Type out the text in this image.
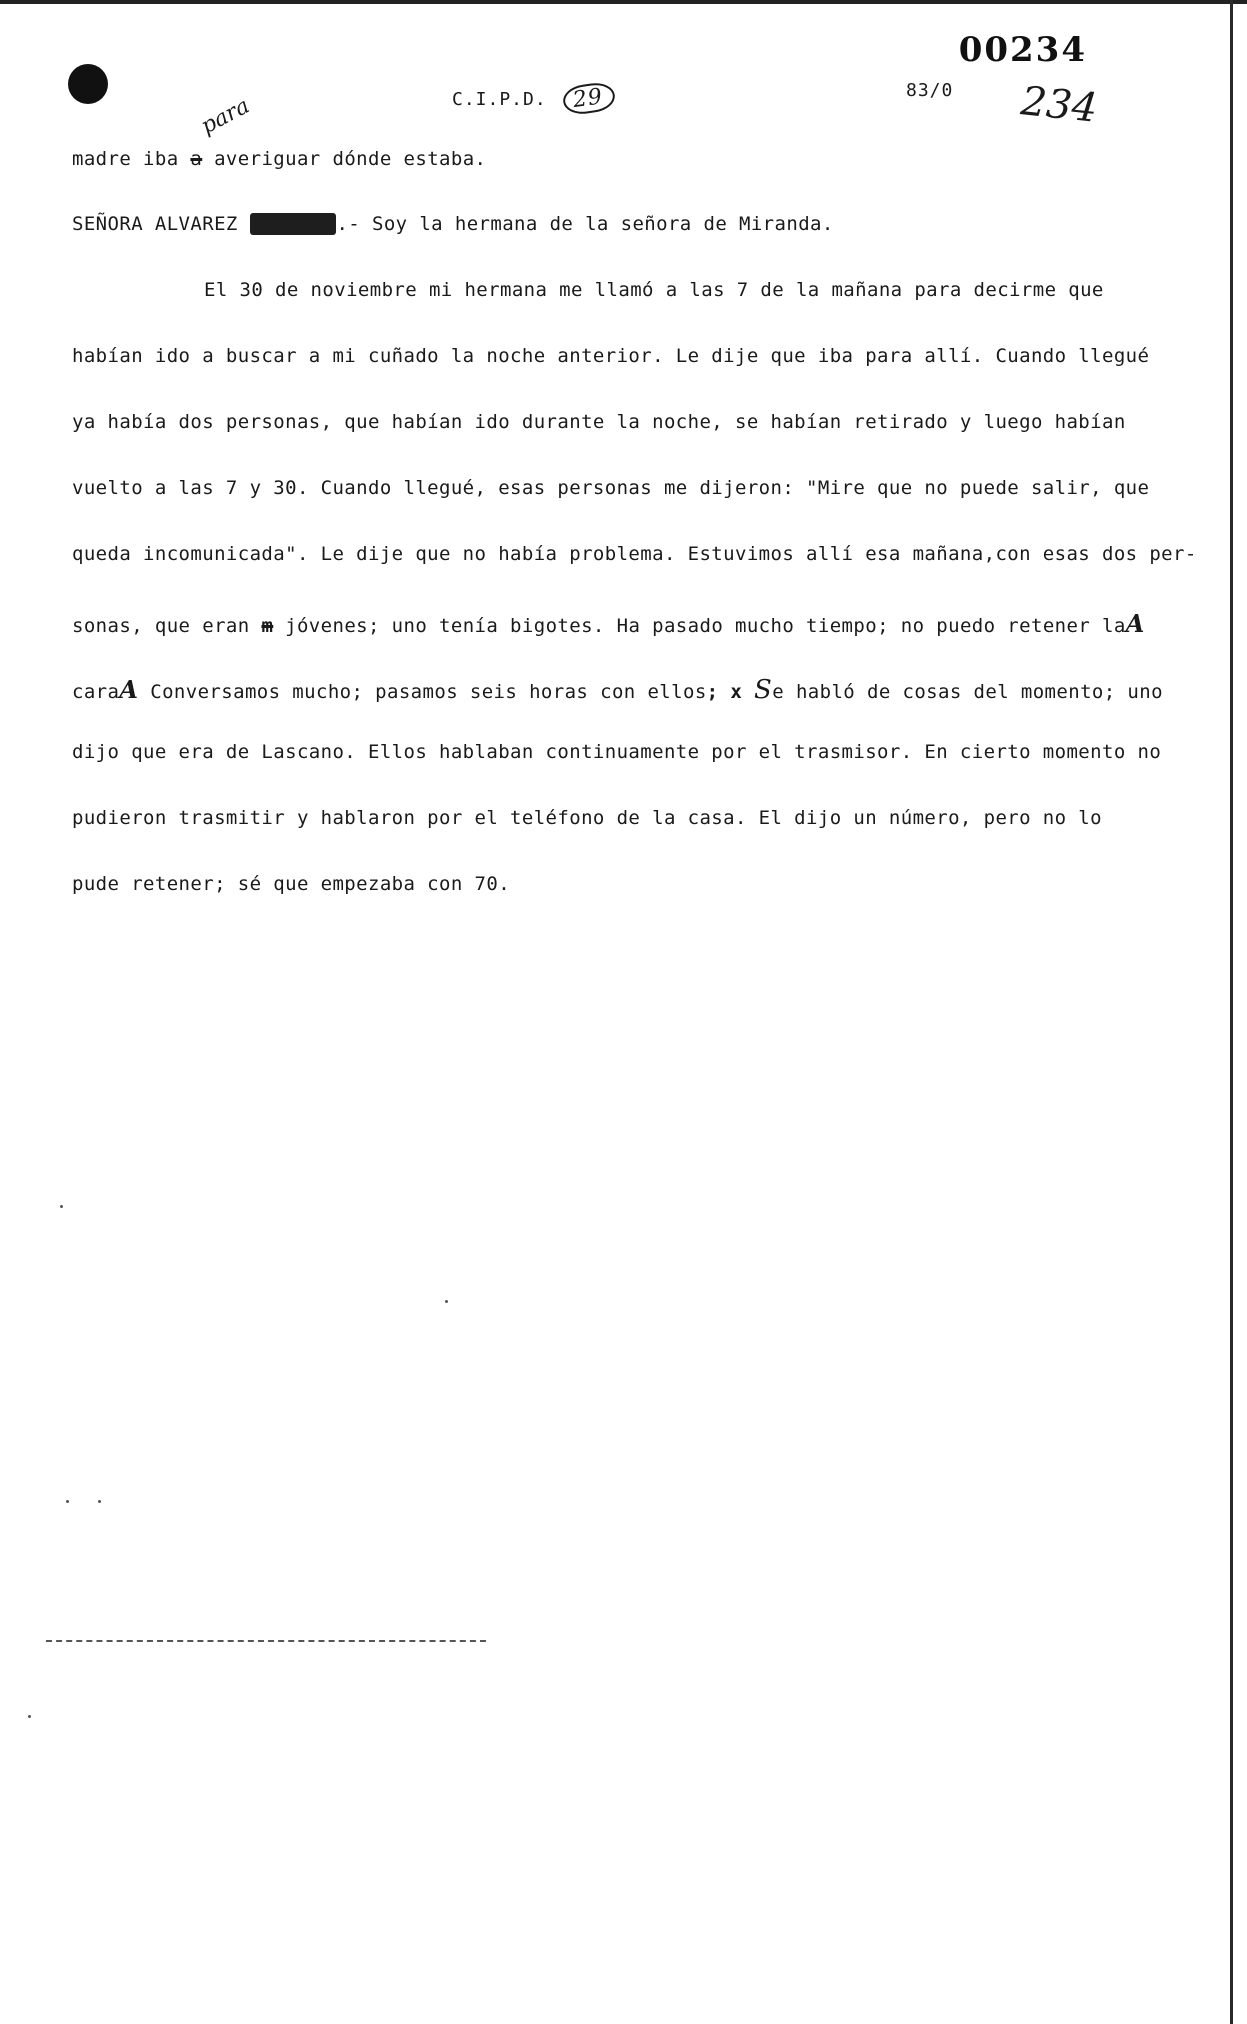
C.I.P.D. 29	83/0
00234
234
para
madre iba a averiguar dónde estaba.
SEÑORA ALVAREZ (Marta) .- Soy la hermana de la señora de Miranda.
El 30 de noviembre mi hermana me llamó a las 7 de la mañana para decirme que
habían ido a buscar a mi cuñado la noche anterior. Le dije que iba para allí. Cuando llegué
ya había dos personas, que habían ido durante la noche, se habían retirado y luego habían
vuelto a las 7 y 30. Cuando llegué, esas personas me dijeron: "Mire que no puede salir, que
queda incomunicada". Le dije que no había problema. Estuvimos allí esa mañana,con esas dos per-
sonas, que eran m jóvenes; uno tenía bigotes. Ha pasado mucho tiempo; no puedo retener laA
caraA Conversamos mucho; pasamos seis horas con ellos; x Se habló de cosas del momento; uno
dijo que era de Lascano. Ellos hablaban continuamente por el trasmisor. En cierto momento no
pudieron trasmitir y hablaron por el teléfono de la casa. El dijo un número, pero no lo
pude retener; sé que empezaba con 70.
